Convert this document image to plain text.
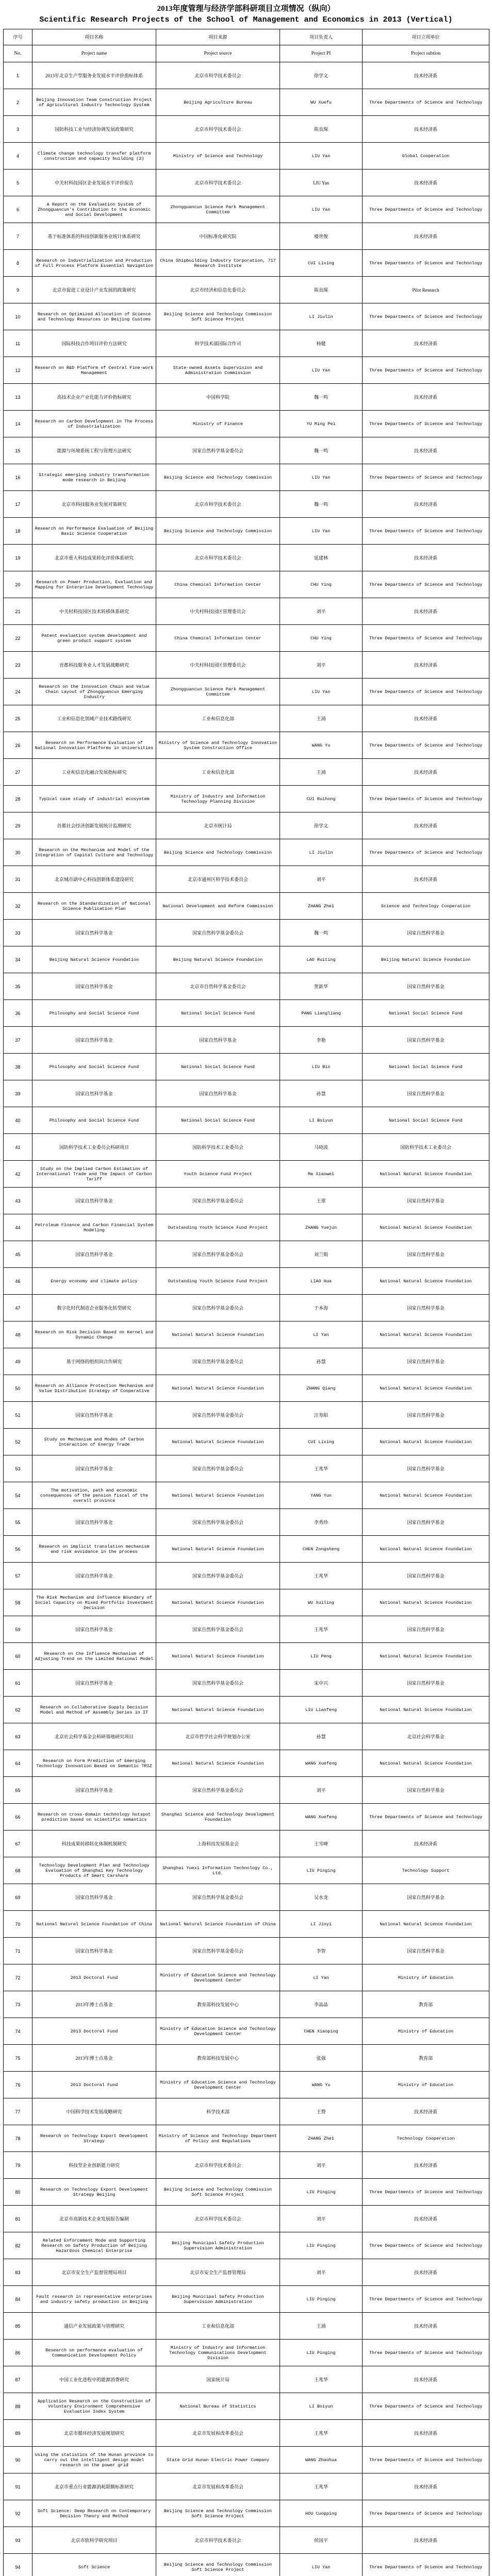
2013年度管理与经济学部科研项目立项情况（纵向）
Scientific Research Projects of the School of Management and Economics in 2013 (Vertical)
序号	项目名称	项目来源	项目负责人	项目立项单位
No.	Project name	Project source	Project PI	Project subtion
1	2013年北京生产型服务业发展水平评价指标体系	北京市科学技术委员会	徐学文	技术经济系
2	Beijing Innovation Team Construction Project of Agricultural Industry Technology System	Beijing Agriculture Bureau	WU Xuefu	Three Departments of Science and Technology
3	国防科技工业与经济协调发展政策研究	北京市科学技术委员会	陈良琛	技术经济系
4	Climate change technology transfer platform construction and capacity building (2)	Ministry of Science and Technology	LIU Yan	Global Cooperation
5	中关村科技园区企业发展水平评价报告	北京市科学技术委员会	LIU Yan	技术经济系
6	A Report on the Evaluation System of Zhongguancun's Contribution to the Economic and Social Development	Zhongguancun Science Park Management Committee	LIU Yan	Three Departments of Science and Technology
7	基于标准体系的科技创新服务业统计体系研究	中国标准化研究院	楼世俊	技术经济系
8	Research on Industrialization and Production of Full Process Platform Essential Navigation	China Shipbuilding Industry Corporation, 717 Research Institute	CUI Lixing	Three Departments of Science and Technology
9	北京市促进工业设计产业发展的政策研究	北京市经济和信息化委员会	陈良琛	Pilot Research
10	Research on Optimized Allocation of Science and Technology Resources in Beijing Customs	Beijing Science and Technology Commission Soft Science Project	LI Jiulin	Three Departments of Science and Technology
11	国际科技合作项目评价方法研究	科学技术部国际合作司	杨健	技术经济系
12	Research on R&D Platform of Central Fine-work Management	State-owned Assets Supervision and Administration Commission	LIU Yan	Three Departments of Science and Technology
13	高技术企业产业化能力评价指标研究	中国科学院	魏一鸣	技术经济系
14	Research on Carbon Development in The Process of Industrialization	Ministry of Finance	YU Ming Pei	Three Departments of Science and Technology
15	能源与环境系统工程与管理方法研究	国家自然科学基金委员会	魏一鸣	技术经济系
16	Strategic emerging industry transformation mode research in Beijing	Beijing Science and Technology Commission	LIU Yan	Three Departments of Science and Technology
17	北京市科技服务业发展对策研究	北京市科学技术委员会	魏一鸣	技术经济系
18	Research on Performance Evaluation of Beijing Basic Science Cooperation	Beijing Science and Technology Commission	LIU Yan	Three Departments of Science and Technology
19	北京市重大科技成果转化评价体系研究	北京市科学技术委员会	延建林	技术经济系
20	Research on Power Production, Evaluation and Mapping for Enterprise Development Technology	China Chemical Information Center	CHU Ying	Three Departments of Science and Technology
21	中关村科技园区技术转移体系研究	中关村科技园区管理委员会	刘平	技术经济系
22	Patent evaluation system development and green product support system	China Chemical Information Center	CHU Ying	Three Departments of Science and Technology
23	首都科技服务业人才发展战略研究	中关村科技园区管理委员会	刘平	技术经济系
24	Research on the Innovation Chain and Value Chain Layout of Zhongguancun Emerging Industry	Zhongguancun Science Park Management Committee	LIU Yan	Three Departments of Science and Technology
25	工业和信息化领域产业技术路线研究	工业和信息化部	王浦	技术经济系
26	Research on Performance Evaluation of National Innovation Platforms in Universities	Ministry of Science and Technology Innovation System Construction Office	WANG Yu	Three Departments of Science and Technology
27	工业和信息化融合发展指标研究	工业和信息化部	王浦	技术经济系
28	Typical case study of industrial ecosystem	Ministry of Industry and Information Technology Planning Division	CUI Ruihong	Three Departments of Science and Technology
29	首都社会经济创新发展统计监测研究	北京市统计局	徐学文	技术经济系
30	Research on the Mechanism and Model of the Integration of Capital Culture and Technology	Beijing Science and Technology Commission	LI Jiulin	Three Departments of Science and Technology
31	北京城市副中心科技创新体系建设研究	北京市通州区科学技术委员会	刘平	技术经济系
32	Research on the Standardization of National Science Publication Plan	National Development and Reform Commission	ZHANG Zhei	Science and Technology Cooperation
33	国家自然科学基金	国家自然科学基金委员会	魏一鸣	国家自然科学基金
34	Beijing Natural Science Foundation	Beijing Natural Science Foundation	LAO Ruiting	Beijing Natural Science Foundation
35	国家自然科学基金	北京市自然科学基金委员会	贺新华	国家自然科学基金
36	Philosophy and Social Science Fund	National Social Science Fund	PANG Liangliang	National Social Science Fund
37	国家自然科学基金	国家自然科学基金	李艳	国家自然科学基金
38	Philosophy and Social Science Fund	National Social Science Fund	LIU Bin	National Social Science Fund
39	国家自然科学基金	国家自然科学基金	孙慧	国家自然科学基金
40	Philosophy and Social Science Fund	National Social Science Fund	LI Boiyun	National Social Science Fund
41	国防科学技术工业委员会科研项目	国防科学技术工业委员会	马晓波	国防科学技术工业委员会
42	Study on the Implied Carbon Estimation of International Trade and The Impact of Carbon Tariff	Youth Science Fund Project	Ma Xiaowei	National Natural Science Foundation
43	国家自然科学基金	国家自然科学基金委员会	王翠	国家自然科学基金
44	Petroleum Finance and Carbon Financial System Modeling	Outstanding Youth Science Fund Project	ZHANG Yuejun	National Natural Science Foundation
45	国家自然科学基金	国家自然科学基金委员会	刘兰娟	国家自然科学基金
46	Energy economy and climate policy	Outstanding Youth Science Fund Project	LIAO Hua	National Natural Science Foundation
47	数字化时代制造企业服务化转型研究	国家自然科学基金委员会	于本海	国家自然科学基金
48	Research on Risk Decision Based on Kernel and Dynamic Change	National Natural Science Foundation	LI Yan	National Natural Science Foundation
49	基于网络的组织间合作研究	国家自然科学基金委员会	孙慧	国家自然科学基金
50	Research on Alliance Protection Mechanism and Value Distribution Strategy of Cooperative	National Natural Science Foundation	ZHANG Qiang	National Natural Science Foundation
51	国家自然科学基金	国家自然科学基金委员会	汪寿阳	国家自然科学基金
52	Study on Mechanism and Modes of Carbon Interaction of Energy Trade	National Natural Science Foundation	CUI Lixing	National Natural Science Foundation
53	国家自然科学基金	国家自然科学基金委员会	王兆华	国家自然科学基金
54	The motivation, path and economic consequences of the pension fiscal of the overall province	National Natural Science Foundation	YANG Yun	National Natural Science Foundation
55	国家自然科学基金	国家自然科学基金委员会	李秀珍	国家自然科学基金
56	Research on implicit translation mechanism and risk avoidance in the process	National Natural Science Foundation	CHEN Zongsheng	National Natural Science Foundation
57	国家自然科学基金	国家自然科学基金委员会	王兆华	国家自然科学基金
58	The Risk Mechanism and Influence Boundary of Social Capacity on Mixed Portfolio Investment Decision	National Natural Science Foundation	WU Xuiling	National Natural Science Foundation
59	国家自然科学基金	国家自然科学基金委员会	王兆华	国家自然科学基金
60	Research on the Influence Mechanism of Adjusting Trend on the Limited Rational Model	National Natural Science Foundation	LIU Peng	National Natural Science Foundation
61	国家自然科学基金	国家自然科学基金委员会	宋中兴	国家自然科学基金
62	Research on Collaborative Supply Decision Model and Method of Assembly Series in IT	National Natural Science Foundation	LIU Lianfeng	National Natural Science Foundation
63	北京社会科学基金会科研基地研究项目	北京市哲学社会科学规划办公室	孙慧	北京社会科学基金
64	Research on Form Prediction of Emerging Technology Innovation Based on Semantic TRIZ	National Natural Science Foundation	WANG Xuefeng	National Natural Science Foundation
65	国家自然科学基金	国家自然科学基金委员会	刘平	国家自然科学基金
66	Research on cross-domain technology hotspot prediction based on scientific semantics	Shanghai Science and Technology Development Foundation	WANG Xuefeng	Three Departments of Science and Technology
67	科技成果转移转化体制机制研究	上海科技发展基金会	王雪峰	技术经济系
68	Technology Development Plan and Technology Evaluation of Shanghai Key Technology Products of Smart Carshare	Shanghai Yuexi Information Technology Co., Ltd.	LIU Pinging	Technology Support
69	国家自然科学基金	国家自然科学基金委员会	吴水龙	国家自然科学基金
70	National Natural Science Foundation of China	National Natural Science Foundation of China	LI Jinyi	National Natural Science Foundation
71	国家自然科学基金	国家自然科学基金委员会	李智	国家自然科学基金
72	2013 Doctoral Fund	Ministry of Education Science and Technology Development Center	LI Yan	Ministry of Education
73	2013年博士点基金	教育部科技发展中心	李晶晶	教育部
74	2013 Doctoral Fund	Ministry of Education Science and Technology Development Center	CHEN Xiaoping	Ministry of Education
75	2013年博士点基金	教育部科技发展中心	张强	教育部
76	2013 Doctoral Fund	Ministry of Education Science and Technology Development Center	WANG Yu	Ministry of Education
77	中国科学技术发展战略研究	科学技术部	王赞	技术经济系
78	Research on Technology Export Development Strategy	Ministry of Science and Technology Department of Policy and Regulations	ZHANG Zhei	Technology Cooperation
79	科技型企业创新能力研究	北京市科学技术委员会	刘平	技术经济系
80	Research on Technology Export Development Strategy Beijing	Beijing Science and Technology Commission Soft Science Project	LIU Pinging	Three Departments of Science and Technology
81	北京市高新技术企业发展报告编制	北京市科学技术委员会	刘平	技术经济系
82	Related Enforcement Mode and Supporting Research on Safety Production of Beijing Hazardous Chemical Enterprise	Beijing Municipal Safety Production Supervision Administration	LIU Pinging	Three Departments of Science and Technology
83	北京市安全生产监督管理局项目	北京市安全生产监督管理局	刘平	技术经济系
84	Fault research in representative enterprises and industry safety production in Beijing	Beijing Municipal Safety Production Supervision Administration	LIU Pinging	Three Departments of Science and Technology
85	通信产业发展政策与管理研究	工业和信息化部	王浦	技术经济系
86	Research on performance evaluation of Communication Development Policy	Ministry of Industry and Information Technology Communications Development Division	LIU Pinging	Three Departments of Science and Technology
87	中国工业化进程中的能源消费研究	国家统计局	王兆华	技术经济系
88	Application Research on the Construction of Voluntary Environment Comprehensive Evaluation Index System	National Bureau of Statistics	LI Boiyun	Three Departments of Science and Technology
89	北京市循环经济发展规划研究	北京市发展和改革委员会	王兆华	技术经济系
90	Using the statistics of the Hunan province to carry out the intelligent design model research on the power grid	State Grid Hunan Electric Power Company	WANG Zhaohua	Three Departments of Science and Technology
91	北京市重点行业能源消耗限额标准研究	北京市发展和改革委员会	王兆华	技术经济系
92	Soft Science: Deep Research on Contemporary Decision Theory and Method	Beijing Science and Technology Commission Soft Science Project	HOU Cuopping	Three Departments of Science and Technology
93	北京市软科学研究项目	北京市科学技术委员会	侯国平	技术经济系
94	Soft Science	Beijing Science and Technology Commission Soft Science Project	LIU Yan	Three Departments of Science and Technology
